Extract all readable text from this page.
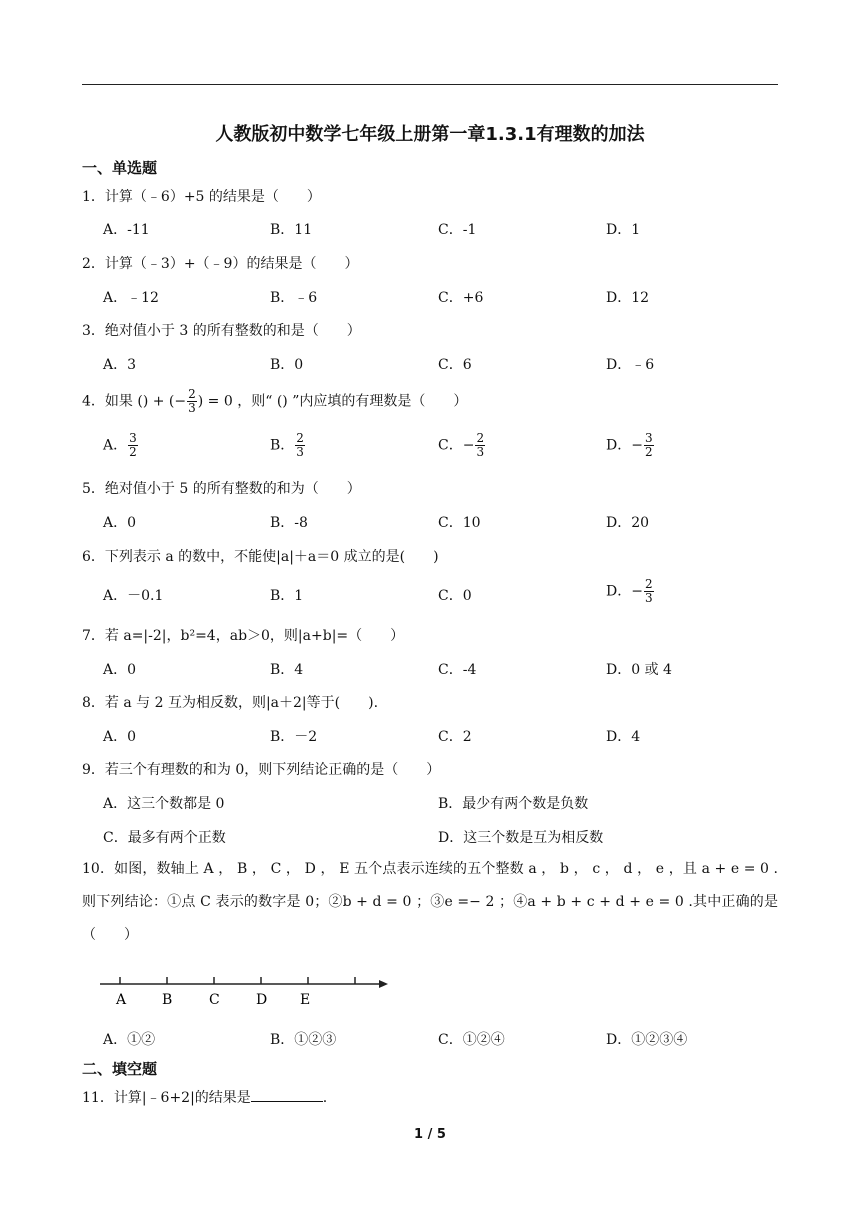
人教版初中数学七年级上册第一章1.3.1有理数的加法
一、单选题
1．计算（﹣6）+5 的结果是（　　）
A．-11	B．11	C．-1	D．1
2．计算（﹣3）+（﹣9）的结果是（　　）
A．﹣12	B．﹣6	C．+6	D．12
3．绝对值小于 3 的所有整数的和是（　　）
A．3	B．0	C．6	D．﹣6
4．如果 () + (− $\frac{2}{3}$ ) = 0 ，则“ () ”内应填的有理数是（　　）
A． $\frac{3}{2}$	B． $\frac{2}{3}$	C．− $\frac{2}{3}$	D．− $\frac{3}{2}$
5．绝对值小于 5 的所有整数的和为（　　）
A．0	B．-8	C．10	D．20
6．下列表示 a 的数中，不能使|a|＋a＝0 成立的是(　　)
A．－0.1	B．1	C．0	D．− $\frac{2}{3}$
7．若 a=|-2|，b²=4，ab＞0，则|a+b|=（　　）
A．0	B．4	C．-4	D．0 或 4
8．若 a 与 2 互为相反数，则|a＋2|等于(　　).
A．0	B．－2	C．2	D．4
9．若三个有理数的和为 0，则下列结论正确的是（　　）
A．这三个数都是 0	B．最少有两个数是负数
C．最多有两个正数	D．这三个数是互为相反数
10．如图，数轴上 A ， B ， C ， D ， E 五个点表示连续的五个整数 a ， b ， c ， d ， e ，且 a + e = 0 .则下列结论：①点 C 表示的数字是 0；②b + d = 0 ；③e =− 2 ；④a + b + c + d + e = 0 .其中正确的是（　　）
A	B	C	D E
A．①②	B．①②③	C．①②④	D．①②③④
二、填空题
11．计算|﹣6+2|的结果是	.
1 / 5
